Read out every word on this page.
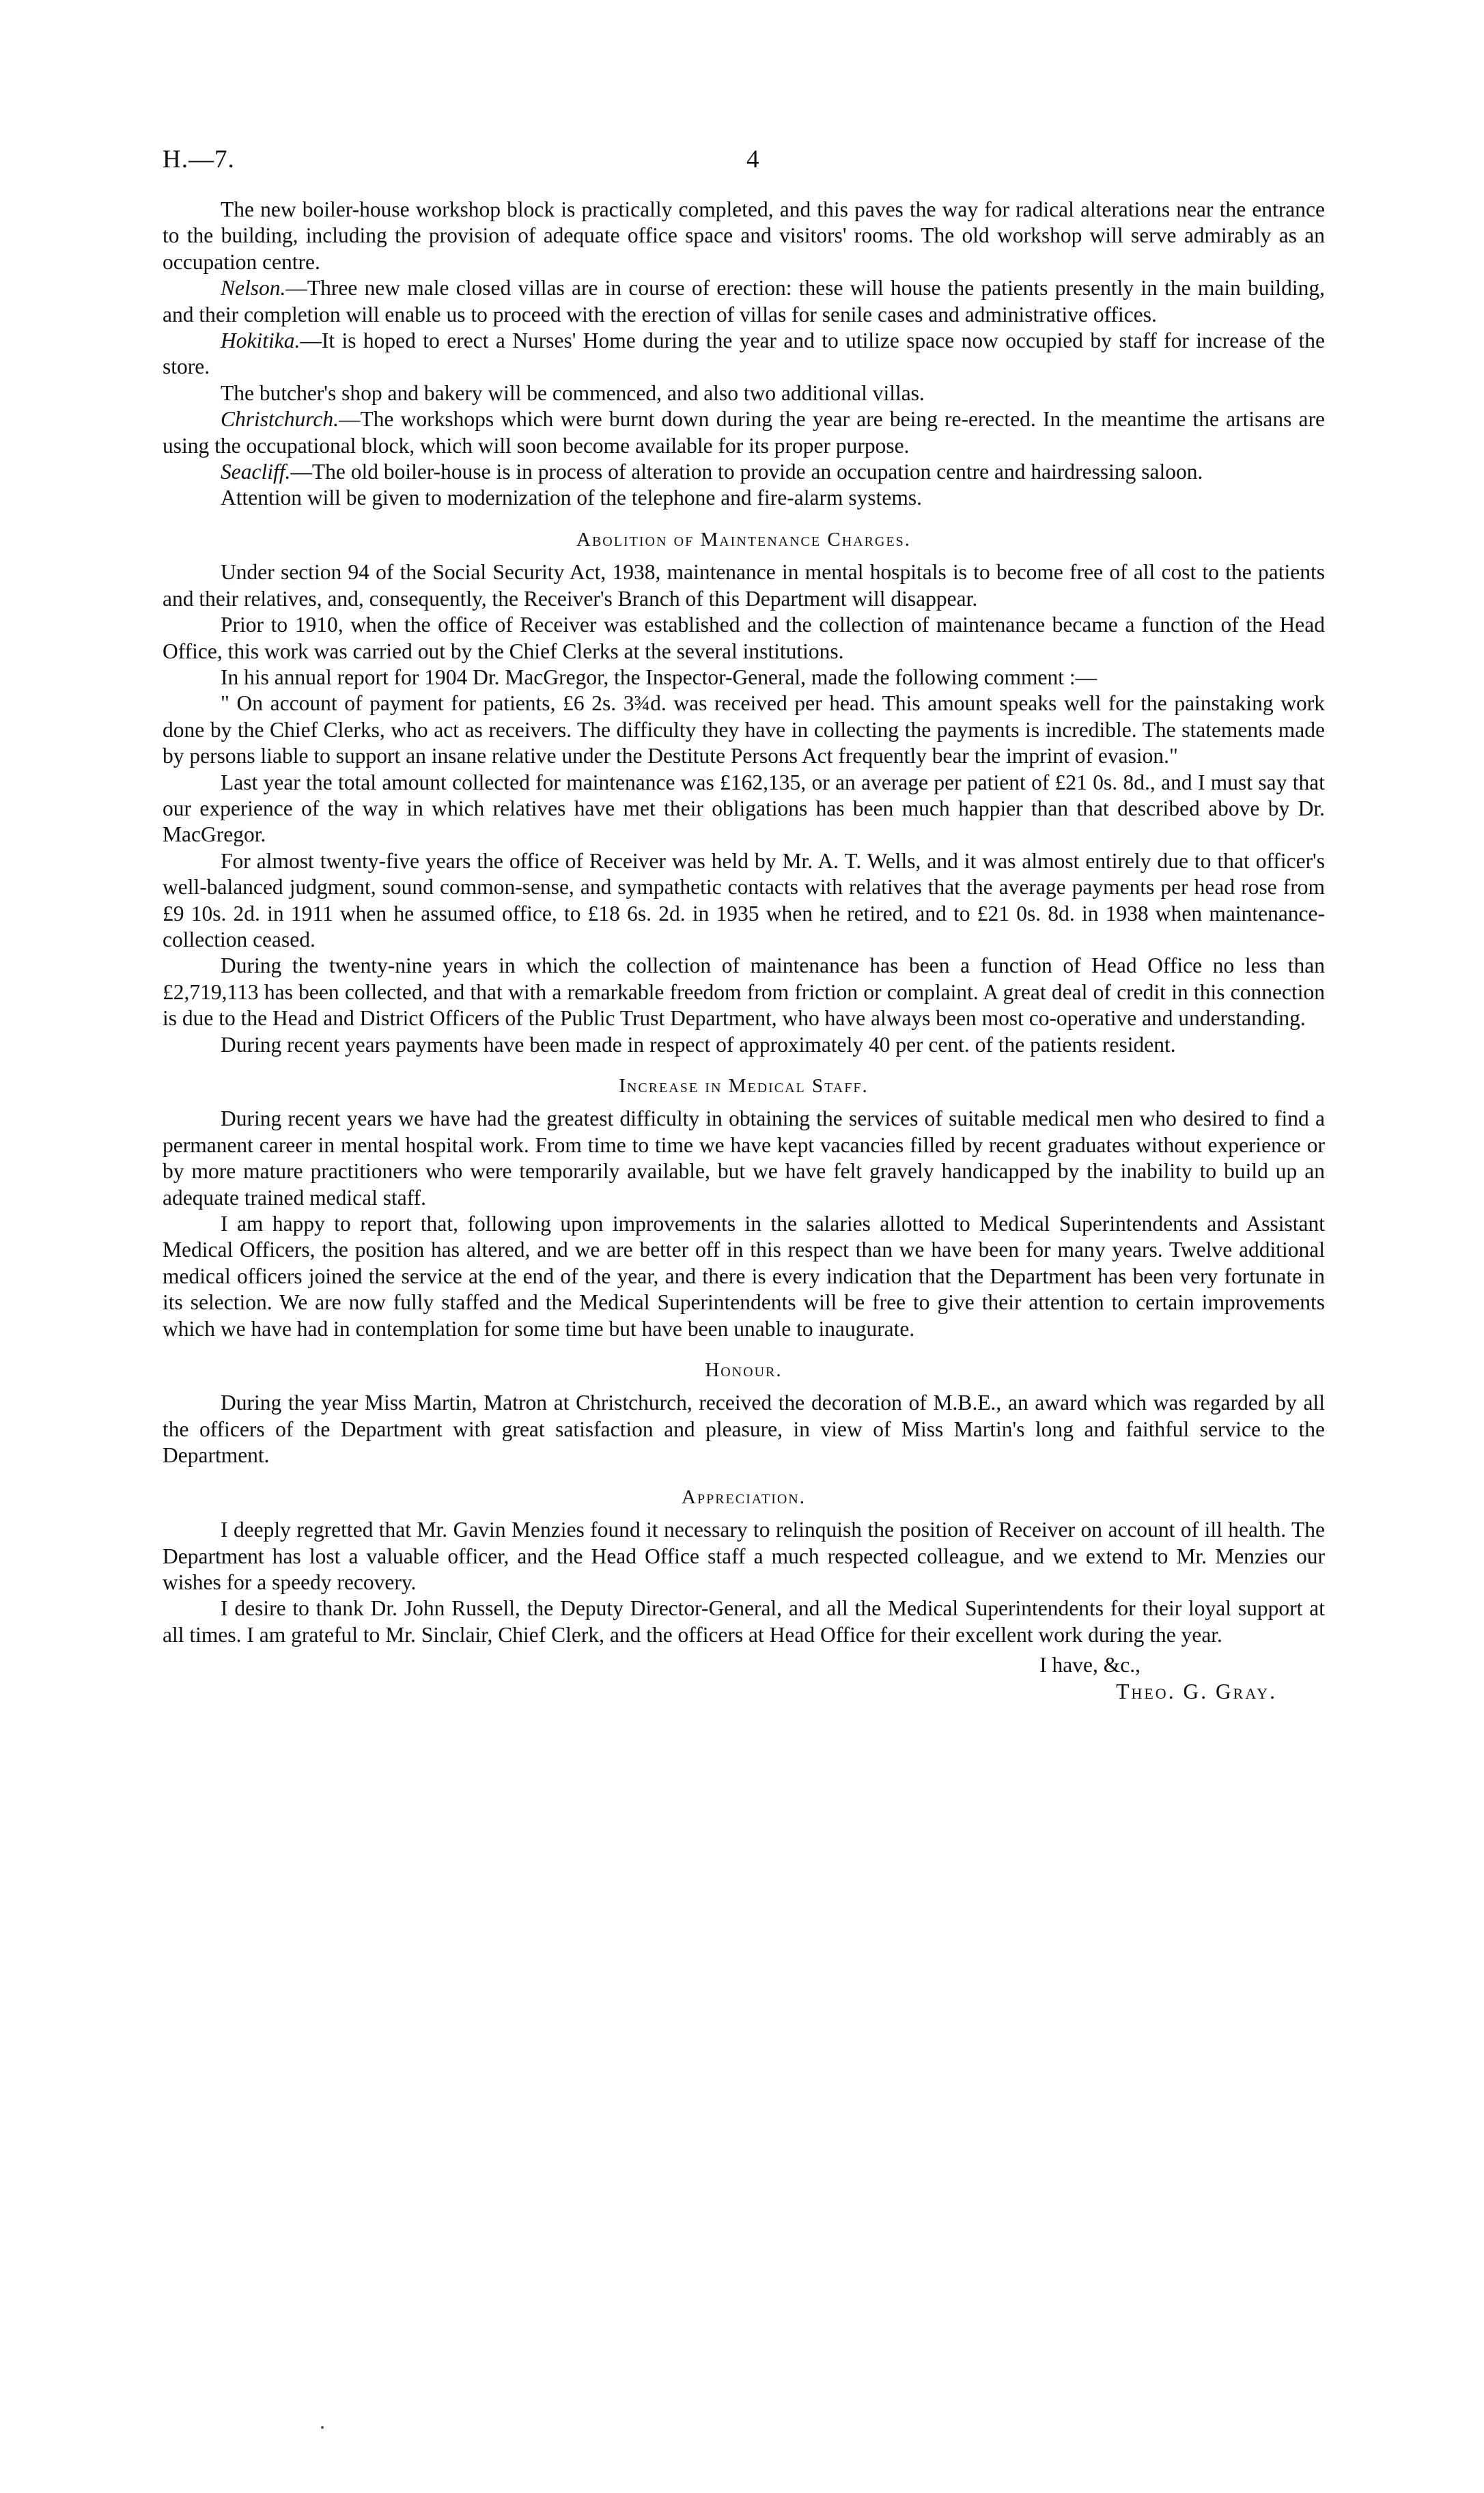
H.—7.	4

The new boiler-house workshop block is practically completed, and this paves the way for radical alterations near the entrance to the building, including the provision of adequate office space and visitors' rooms. The old workshop will serve admirably as an occupation centre.

Nelson.—Three new male closed villas are in course of erection: these will house the patients presently in the main building, and their completion will enable us to proceed with the erection of villas for senile cases and administrative offices.

Hokitika.—It is hoped to erect a Nurses' Home during the year and to utilize space now occupied by staff for increase of the store.

The butcher's shop and bakery will be commenced, and also two additional villas.

Christchurch.—The workshops which were burnt down during the year are being re-erected. In the meantime the artisans are using the occupational block, which will soon become available for its proper purpose.

Seacliff.—The old boiler-house is in process of alteration to provide an occupation centre and hairdressing saloon.

Attention will be given to modernization of the telephone and fire-alarm systems.

Abolition of Maintenance Charges.

Under section 94 of the Social Security Act, 1938, maintenance in mental hospitals is to become free of all cost to the patients and their relatives, and, consequently, the Receiver's Branch of this Department will disappear.

Prior to 1910, when the office of Receiver was established and the collection of maintenance became a function of the Head Office, this work was carried out by the Chief Clerks at the several institutions.

In his annual report for 1904 Dr. MacGregor, the Inspector-General, made the following comment :—

" On account of payment for patients, £6 2s. 3¾d. was received per head. This amount speaks well for the painstaking work done by the Chief Clerks, who act as receivers. The difficulty they have in collecting the payments is incredible. The statements made by persons liable to support an insane relative under the Destitute Persons Act frequently bear the imprint of evasion."

Last year the total amount collected for maintenance was £162,135, or an average per patient of £21 0s. 8d., and I must say that our experience of the way in which relatives have met their obligations has been much happier than that described above by Dr. MacGregor.

For almost twenty-five years the office of Receiver was held by Mr. A. T. Wells, and it was almost entirely due to that officer's well-balanced judgment, sound common-sense, and sympathetic contacts with relatives that the average payments per head rose from £9 10s. 2d. in 1911 when he assumed office, to £18 6s. 2d. in 1935 when he retired, and to £21 0s. 8d. in 1938 when maintenance-collection ceased.

During the twenty-nine years in which the collection of maintenance has been a function of Head Office no less than £2,719,113 has been collected, and that with a remarkable freedom from friction or complaint. A great deal of credit in this connection is due to the Head and District Officers of the Public Trust Department, who have always been most co-operative and understanding.

During recent years payments have been made in respect of approximately 40 per cent. of the patients resident.

Increase in Medical Staff.

During recent years we have had the greatest difficulty in obtaining the services of suitable medical men who desired to find a permanent career in mental hospital work. From time to time we have kept vacancies filled by recent graduates without experience or by more mature practitioners who were temporarily available, but we have felt gravely handicapped by the inability to build up an adequate trained medical staff.

I am happy to report that, following upon improvements in the salaries allotted to Medical Superintendents and Assistant Medical Officers, the position has altered, and we are better off in this respect than we have been for many years. Twelve additional medical officers joined the service at the end of the year, and there is every indication that the Department has been very fortunate in its selection. We are now fully staffed and the Medical Superintendents will be free to give their attention to certain improvements which we have had in contemplation for some time but have been unable to inaugurate.

Honour.

During the year Miss Martin, Matron at Christchurch, received the decoration of M.B.E., an award which was regarded by all the officers of the Department with great satisfaction and pleasure, in view of Miss Martin's long and faithful service to the Department.

Appreciation.

I deeply regretted that Mr. Gavin Menzies found it necessary to relinquish the position of Receiver on account of ill health. The Department has lost a valuable officer, and the Head Office staff a much respected colleague, and we extend to Mr. Menzies our wishes for a speedy recovery.

I desire to thank Dr. John Russell, the Deputy Director-General, and all the Medical Superintendents for their loyal support at all times. I am grateful to Mr. Sinclair, Chief Clerk, and the officers at Head Office for their excellent work during the year.

I have, &c.,
Theo. G. Gray.
